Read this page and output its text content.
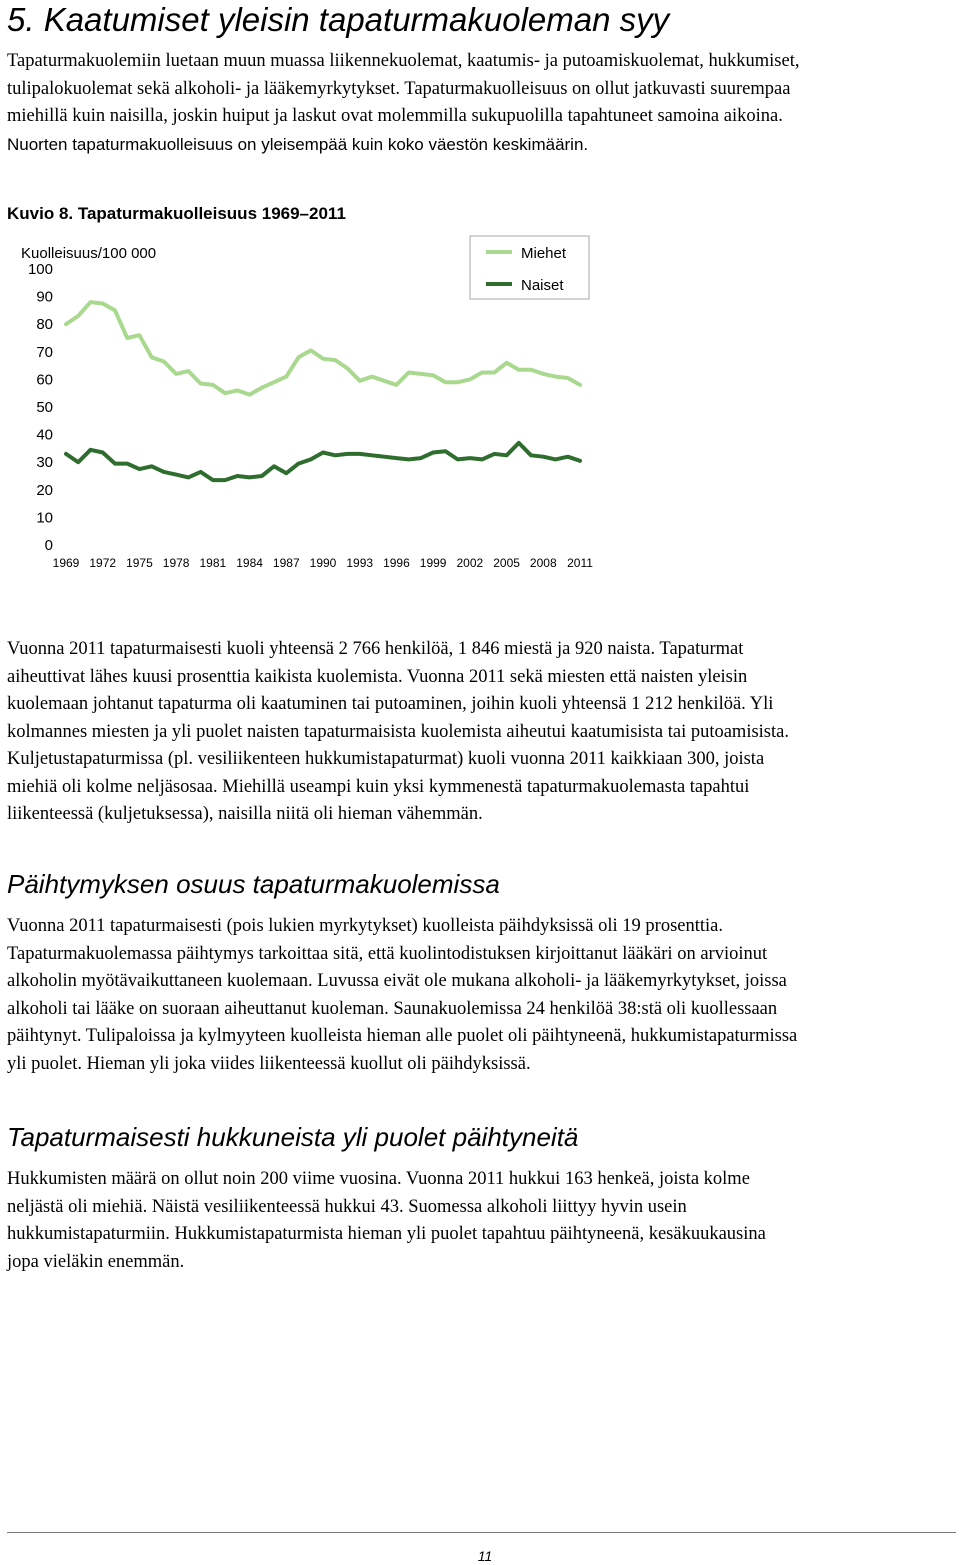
5. Kaatumiset yleisin tapaturmakuoleman syy

Tapaturmakuolemiin luetaan muun muassa liikennekuolemat, kaatumis- ja putoamiskuolemat, hukkumiset,
tulipalokuolemat sekä alkoholi- ja lääkemyrkytykset. Tapaturmakuolleisuus on ollut jatkuvasti suurempaa
miehillä kuin naisilla, joskin huiput ja laskut ovat molemmilla sukupuolilla tapahtuneet samoina aikoina.
Nuorten tapaturmakuolleisuus on yleisempää kuin koko väestön keskimäärin.

Kuvio 8. Tapaturmakuolleisuus 1969–2011
Kuolleisuus/100 000
0
10
20
30
40
50
60
70
80
90
100
1969 1972 1975 1978 1981 1984 1987 1990 1993 1996 1999 2002 2005 2008 2011
Miehet
Naiset

Vuonna 2011 tapaturmaisesti kuoli yhteensä 2 766 henkilöä, 1 846 miestä ja 920 naista. Tapaturmat
aiheuttivat lähes kuusi prosenttia kaikista kuolemista. Vuonna 2011 sekä miesten että naisten yleisin
kuolemaan johtanut tapaturma oli kaatuminen tai putoaminen, joihin kuoli yhteensä 1 212 henkilöä. Yli
kolmannes miesten ja yli puolet naisten tapaturmaisista kuolemista aiheutui kaatumisista tai putoamisista.
Kuljetustapaturmissa (pl. vesiliikenteen hukkumistapaturmat) kuoli vuonna 2011 kaikkiaan 300, joista
miehiä oli kolme neljäsosaa. Miehillä useampi kuin yksi kymmenestä tapaturmakuolemasta tapahtui
liikenteessä (kuljetuksessa), naisilla niitä oli hieman vähemmän.

Päihtymyksen osuus tapaturmakuolemissa

Vuonna 2011 tapaturmaisesti (pois lukien myrkytykset) kuolleista päihdyksissä oli 19 prosenttia.
Tapaturmakuolemassa päihtymys tarkoittaa sitä, että kuolintodistuksen kirjoittanut lääkäri on arvioinut
alkoholin myötävaikuttaneen kuolemaan. Luvussa eivät ole mukana alkoholi- ja lääkemyrkytykset, joissa
alkoholi tai lääke on suoraan aiheuttanut kuoleman. Saunakuolemissa 24 henkilöä 38:stä oli kuollessaan
päihtynyt. Tulipaloissa ja kylmyyteen kuolleista hieman alle puolet oli päihtyneenä, hukkumistapaturmissa
yli puolet. Hieman yli joka viides liikenteessä kuollut oli päihdyksissä.

Tapaturmaisesti hukkuneista yli puolet päihtyneitä

Hukkumisten määrä on ollut noin 200 viime vuosina. Vuonna 2011 hukkui 163 henkeä, joista kolme
neljästä oli miehiä. Näistä vesiliikenteessä hukkui 43. Suomessa alkoholi liittyy hyvin usein
hukkumistapaturmiin. Hukkumistapaturmista hieman yli puolet tapahtuu päihtyneenä, kesäkuukausina
jopa vieläkin enemmän.

11
